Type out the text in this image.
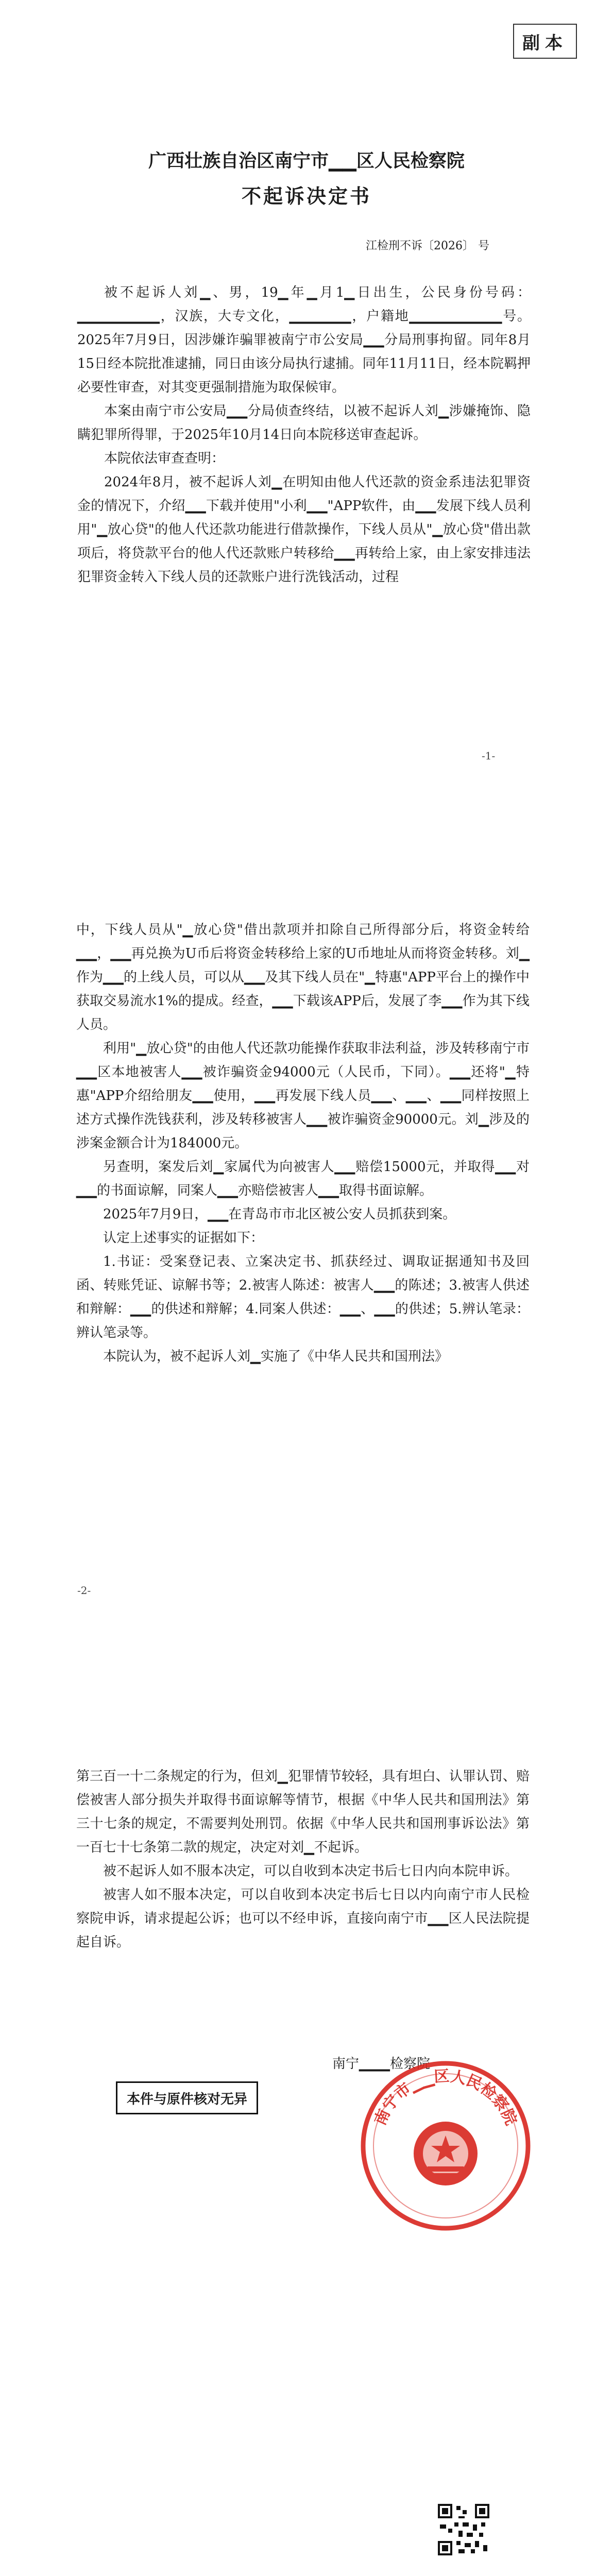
副本
广西壮族自治区南宁市▁▁区人民检察院
不起诉决定书
江检刑不诉〔2026〕 号

被不起诉人刘▁、男，19▁年▁月1▁日出生，公民身份号码：▁▁▁▁▁▁▁▁，汉族，大专文化，▁▁▁▁▁▁，户籍地▁▁▁▁▁▁▁▁▁号。2025年7月9日，因涉嫌诈骗罪被南宁市公安局▁▁分局刑事拘留。同年8月15日经本院批准逮捕，同日由该分局执行逮捕。同年11月11日，经本院羁押必要性审查，对其变更强制措施为取保候审。

本案由南宁市公安局▁▁分局侦查终结，以被不起诉人刘▁涉嫌掩饰、隐瞒犯罪所得罪，于2025年10月14日向本院移送审查起诉。

本院依法审查查明：

2024年8月，被不起诉人刘▁在明知由他人代还款的资金系违法犯罪资金的情况下，介绍▁▁下载并使用"小利▁▁"APP软件，由▁▁发展下线人员利用"▁放心贷"的他人代还款功能进行借款操作，下线人员从"▁放心贷"借出款项后，将贷款平台的他人代还款账户转移给▁▁再转给上家，由上家安排违法犯罪资金转入下线人员的还款账户进行洗钱活动，过程

-1-

中，下线人员从"▁放心贷"借出款项并扣除自己所得部分后，将资金转给▁▁，▁▁再兑换为U币后将资金转移给上家的U币地址从而将资金转移。刘▁作为▁▁的上线人员，可以从▁▁及其下线人员在"▁特惠"APP平台上的操作中获取交易流水1%的提成。经查，▁▁下载该APP后，发展了李▁▁作为其下线人员。

利用"▁放心贷"的由他人代还款功能操作获取非法利益，涉及转移南宁市▁▁区本地被害人▁▁被诈骗资金94000元（人民币，下同）。▁▁还将"▁特惠"APP介绍给朋友▁▁使用，▁▁再发展下线人员▁▁、▁▁、▁▁同样按照上述方式操作洗钱获利，涉及转移被害人▁▁被诈骗资金90000元。刘▁涉及的涉案金额合计为184000元。

另查明，案发后刘▁家属代为向被害人▁▁赔偿15000元，并取得▁▁对▁▁的书面谅解，同案人▁▁亦赔偿被害人▁▁取得书面谅解。

2025年7月9日，▁▁在青岛市市北区被公安人员抓获到案。

认定上述事实的证据如下：

1.书证：受案登记表、立案决定书、抓获经过、调取证据通知书及回函、转账凭证、谅解书等；2.被害人陈述：被害人▁▁的陈述；3.被害人供述和辩解：▁▁的供述和辩解；4.同案人供述：▁▁、▁▁的供述；5.辨认笔录：辨认笔录等。

本院认为，被不起诉人刘▁实施了《中华人民共和国刑法》

-2-

第三百一十二条规定的行为，但刘▁犯罪情节较轻，具有坦白、认罪认罚、赔偿被害人部分损失并取得书面谅解等情节，根据《中华人民共和国刑法》第三十七条的规定，不需要判处刑罚。依据《中华人民共和国刑事诉讼法》第一百七十七条第二款的规定，决定对刘▁不起诉。

被不起诉人如不服本决定，可以自收到本决定书后七日内向本院申诉。

被害人如不服本决定，可以自收到本决定书后七日以内向南宁市人民检察院申诉，请求提起公诉；也可以不经申诉，直接向南宁市▁▁区人民法院提起自诉。

南宁▁▁▁检察院
本件与原件核对无异
南宁市▁▁区人民检察院
